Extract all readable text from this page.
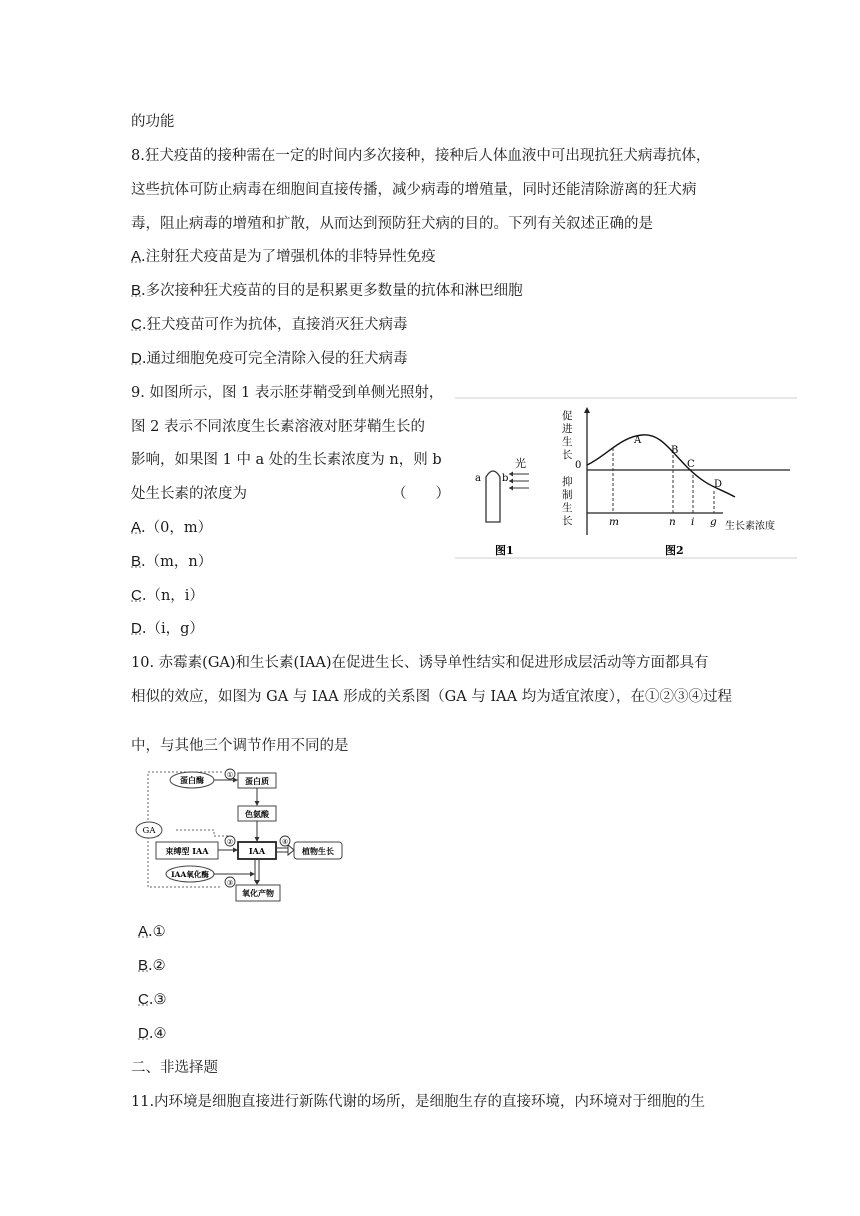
的功能
8.狂犬疫苗的接种需在一定的时间内多次接种，接种后人体血液中可出现抗狂犬病毒抗体，
这些抗体可防止病毒在细胞间直接传播，减少病毒的增殖量，同时还能清除游离的狂犬病
毒，阻止病毒的增殖和扩散，从而达到预防狂犬病的目的。下列有关叙述正确的是
A.注射狂犬疫苗是为了增强机体的非特异性免疫
B.多次接种狂犬疫苗的目的是积累更多数量的抗体和淋巴细胞
C.狂犬疫苗可作为抗体，直接消灭狂犬病毒
D.通过细胞免疫可完全清除入侵的狂犬病毒
9. 如图所示，图 1 表示胚芽鞘受到单侧光照射，
图 2 表示不同浓度生长素溶液对胚芽鞘生长的
影响，如果图 1 中 a 处的生长素浓度为 n，则 b
处生长素的浓度为	（　　）
A.（0，m）
B.（m，n）
C.（n，i）
D.（i，g）
10. 赤霉素(GA)和生长素(IAA)在促进生长、诱导单性结实和促进形成层活动等方面都具有
相似的效应，如图为 GA 与 IAA 形成的关系图（GA 与 IAA 均为适宜浓度），在①②③④过程
中，与其他三个调节作用不同的是
A.①
B.②
C.③
D.④
二、非选择题
11.内环境是细胞直接进行新陈代谢的场所，是细胞生存的直接环境，内环境对于细胞的生
a b
光
图1
促
进
生
长
抑
制
生
长
0
A
B
C
D
m	n i g 生长素浓度
图2
GA
蛋白酶	①
蛋白质
色氨酸
束缚型 IAA
②
IAA
④
植物生长
IAA氧化酶
③
氧化产物
